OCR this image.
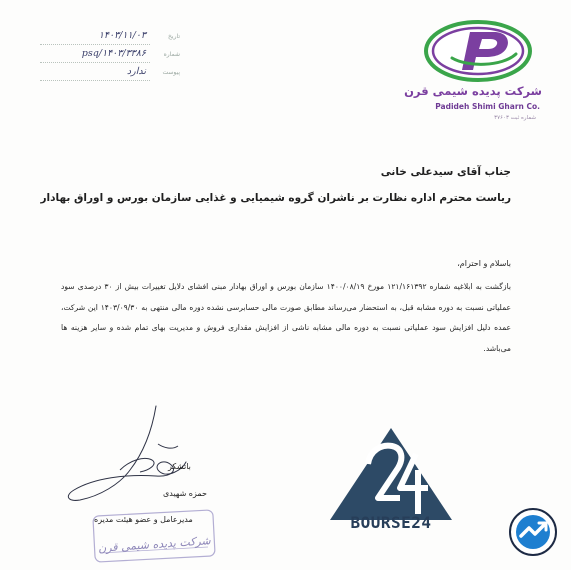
تاریخ
۱۴۰۳/۱۱/۰۳
شماره
psq/۱۴۰۳/۳۳۸۶
پیوست
ندارد
شرکت پدیده شیمی قرن
Padideh Shimi Gharn Co.
شماره ثبت ۳۷۶۰۳
جناب آقای سیدعلی خانی
ریاست محترم اداره نظارت بر ناشران گروه شیمیایی و غذایی سازمان بورس و اوراق بهادار
باسلام و احترام،
بازگشت به ابلاغیه شماره ۱۲۱/۱۶۱۳۹۲ مورخ ۱۴۰۰/۰۸/۱۹ سازمان بورس و اوراق بهادار مبنی افشای دلایل تغییرات بیش از ۳۰ درصدی سود عملیاتی نسبت به دوره مشابه قبل، به استحضار می‌رساند مطابق صورت مالی حسابرسی نشده دوره مالی منتهی به ۱۴۰۳/۰۹/۳۰ این شرکت، عمده دلیل افزایش سود عملیاتی نسبت به دوره مالی مشابه ناشی از افزایش مقداری فروش و مدیریت بهای تمام شده و سایر هزینه ها می‌باشد.
باتشکر
حمزه شهیدی
مدیرعامل و عضو هیئت مدیره
شرکت پدیده شیمی قرن
BOURSE24
